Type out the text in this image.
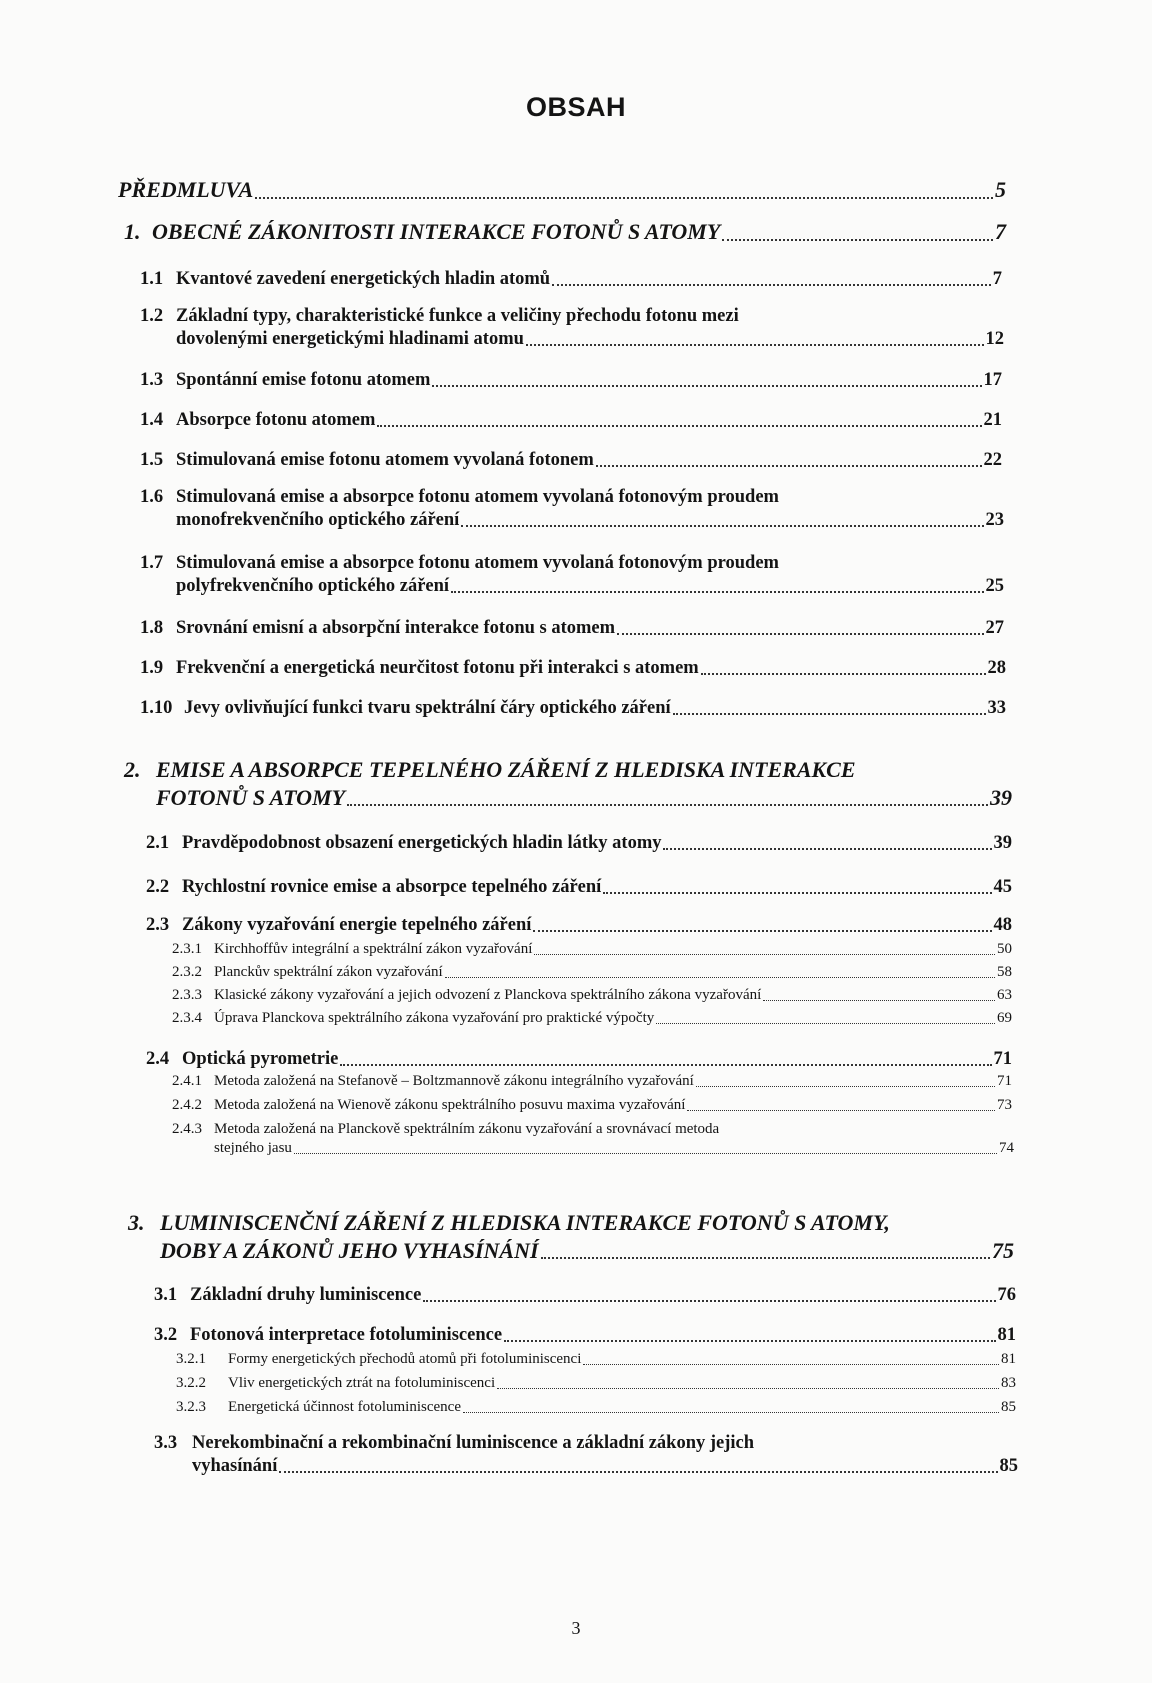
OBSAH
PŘEDMLUVA	5
1. OBECNÉ ZÁKONITOSTI INTERAKCE FOTONŮ S ATOMY	7
1.1 Kvantové zavedení energetických hladin atomů	7
1.2 Základní typy, charakteristické funkce a veličiny přechodu fotonu mezi
dovolenými energetickými hladinami atomu	12
1.3 Spontánní emise fotonu atomem	17
1.4 Absorpce fotonu atomem	21
1.5 Stimulovaná emise fotonu atomem vyvolaná fotonem	22
1.6 Stimulovaná emise a absorpce fotonu atomem vyvolaná fotonovým proudem
monofrekvenčního optického záření	23
1.7 Stimulovaná emise a absorpce fotonu atomem vyvolaná fotonovým proudem
polyfrekvenčního optického záření	25
1.8 Srovnání emisní a absorpční interakce fotonu s atomem	27
1.9 Frekvenční a energetická neurčitost fotonu při interakci s atomem	28
1.10 Jevy ovlivňující funkci tvaru spektrální čáry optického záření	33
2. EMISE A ABSORPCE TEPELNÉHO ZÁŘENÍ Z HLEDISKA INTERAKCE
FOTONŮ S ATOMY	39
2.1 Pravděpodobnost obsazení energetických hladin látky atomy	39
2.2 Rychlostní rovnice emise a absorpce tepelného záření	45
2.3 Zákony vyzařování energie tepelného záření	48
2.3.1 Kirchhoffův integrální a spektrální zákon vyzařování	50
2.3.2 Planckův spektrální zákon vyzařování	58
2.3.3 Klasické zákony vyzařování a jejich odvození z Planckova spektrálního zákona vyzařování	63
2.3.4 Úprava Planckova spektrálního zákona vyzařování pro praktické výpočty	69
2.4 Optická pyrometrie	71
2.4.1 Metoda založená na Stefanově – Boltzmannově zákonu integrálního vyzařování	71
2.4.2 Metoda založená na Wienově zákonu spektrálního posuvu maxima vyzařování	73
2.4.3 Metoda založená na Planckově spektrálním zákonu vyzařování a srovnávací metoda
stejného jasu	74
3. LUMINISCENČNÍ ZÁŘENÍ Z HLEDISKA INTERAKCE FOTONŮ S ATOMY,
DOBY A ZÁKONŮ JEHO VYHASÍNÁNÍ	75
3.1 Základní druhy luminiscence	76
3.2 Fotonová interpretace fotoluminiscence	81
3.2.1	Formy energetických přechodů atomů při fotoluminiscenci	81
3.2.2	Vliv energetických ztrát na fotoluminiscenci	83
3.2.3	Energetická účinnost fotoluminiscence	85
3.3 Nerekombinační a rekombinační luminiscence a základní zákony jejich
vyhasínání	85
3
